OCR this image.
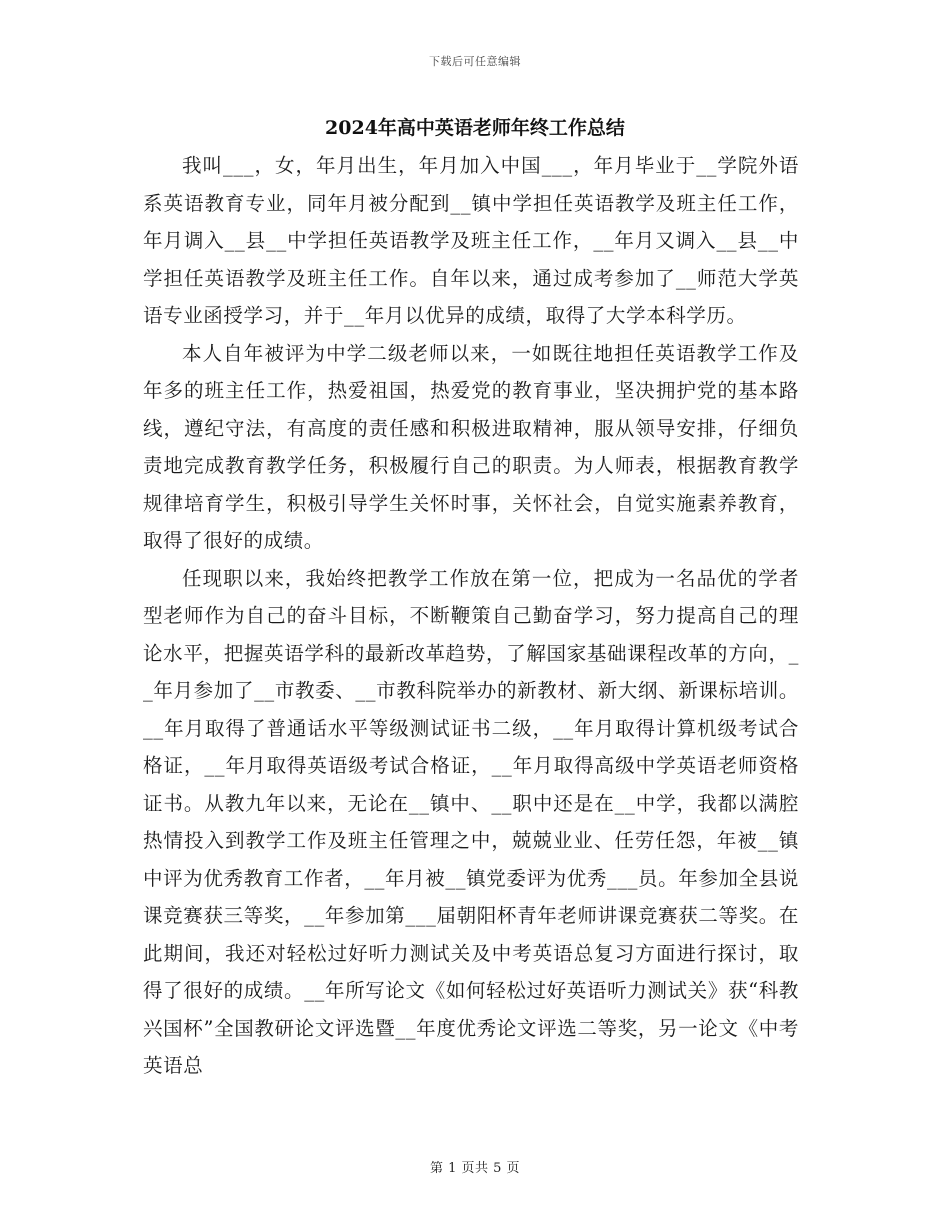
下载后可任意编辑
2024年高中英语老师年终工作总结

我叫___，女，年月出生，年月加入中国___，年月毕业于__学院外语系英语教育专业，同年月被分配到__镇中学担任英语教学及班主任工作，年月调入__县__中学担任英语教学及班主任工作，__年月又调入__县__中学担任英语教学及班主任工作。自年以来，通过成考参加了__师范大学英语专业函授学习，并于__年月以优异的成绩，取得了大学本科学历。

本人自年被评为中学二级老师以来，一如既往地担任英语教学工作及年多的班主任工作，热爱祖国，热爱党的教育事业，坚决拥护党的基本路线，遵纪守法，有高度的责任感和积极进取精神，服从领导安排，仔细负责地完成教育教学任务，积极履行自己的职责。为人师表，根据教育教学规律培育学生，积极引导学生关怀时事，关怀社会，自觉实施素养教育，取得了很好的成绩。

任现职以来，我始终把教学工作放在第一位，把成为一名品优的学者型老师作为自己的奋斗目标，不断鞭策自己勤奋学习，努力提高自己的理论水平，把握英语学科的最新改革趋势，了解国家基础课程改革的方向，__年月参加了__市教委、__市教科院举办的新教材、新大纲、新课标培训。__年月取得了普通话水平等级测试证书二级，__年月取得计算机级考试合格证，__年月取得英语级考试合格证，__年月取得高级中学英语老师资格证书。从教九年以来，无论在__镇中、__职中还是在__中学，我都以满腔热情投入到教学工作及班主任管理之中，兢兢业业、任劳任怨，年被__镇中评为优秀教育工作者，__年月被__镇党委评为优秀___员。年参加全县说课竞赛获三等奖，__年参加第___届朝阳杯青年老师讲课竞赛获二等奖。在此期间，我还对轻松过好听力测试关及中考英语总复习方面进行探讨，取得了很好的成绩。__年所写论文《如何轻松过好英语听力测试关》获“科教兴国杯”全国教研论文评选暨__年度优秀论文评选二等奖，另一论文《中考英语总

第 1 页共 5 页
